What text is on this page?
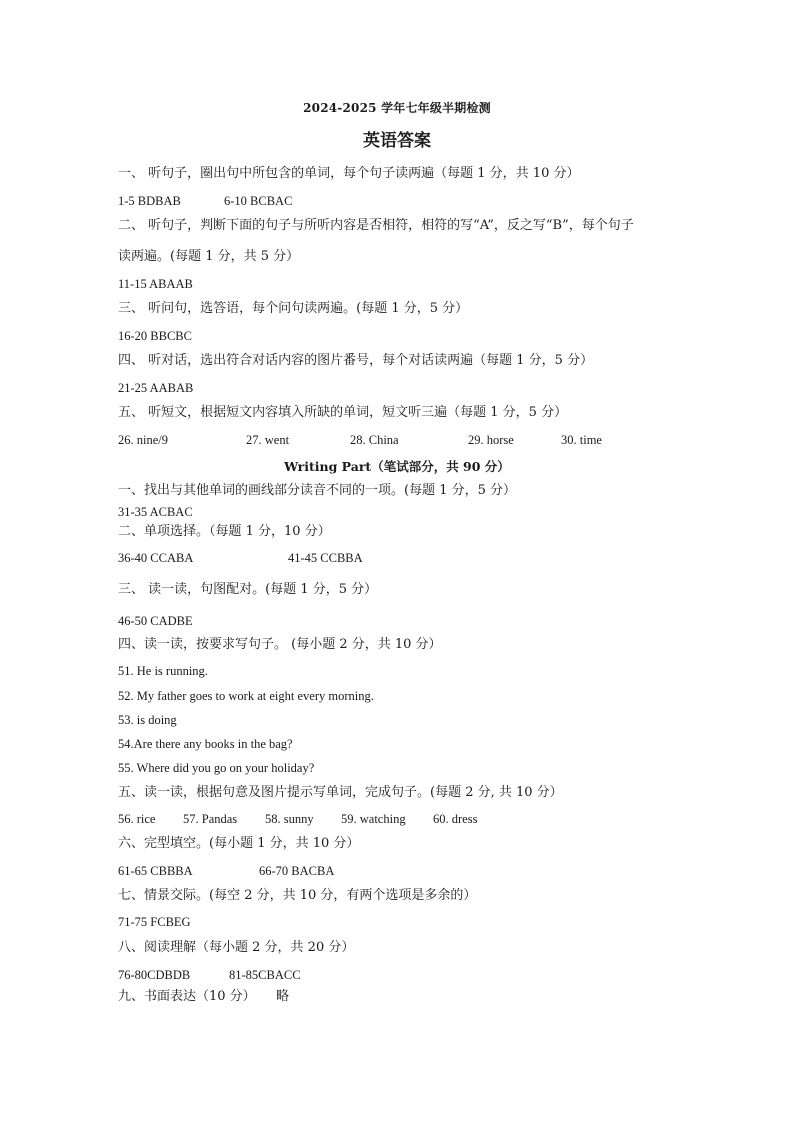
2024-2025 学年七年级半期检测
英语答案
一、 听句子，圈出句中所包含的单词，每个句子读两遍（每题 1 分，共 10 分）
1-5 BDBAB	6-10 BCBAC
二、 听句子，判断下面的句子与所听内容是否相符，相符的写“A”，反之写“B”，每个句子
读两遍。(每题 1 分，共 5 分）
11-15 ABAAB
三、 听问句，选答语，每个问句读两遍。(每题 1 分，5 分）
16-20 BBCBC
四、 听对话，选出符合对话内容的图片番号，每个对话读两遍（每题 1 分，5 分）
21-25 AABAB
五、 听短文，根据短文内容填入所缺的单词，短文听三遍（每题 1 分，5 分）
26. nine/9	27. went	28. China	29. horse	30. time
Writing Part（笔试部分，共 90 分）
一、找出与其他单词的画线部分读音不同的一项。(每题 1 分，5 分）
31-35 ACBAC
二、单项选择。（每题 1 分，10 分）
36-40 CCABA	41-45 CCBBA
三、 读一读，句图配对。(每题 1 分，5 分）
46-50 CADBE
四、读一读，按要求写句子。 (每小题 2 分，共 10 分）
51. He is running.
52. My father goes to work at eight every morning.
53. is doing
54.Are there any books in the bag?
55. Where did you go on your holiday?
五、读一读，根据句意及图片提示写单词，完成句子。(每题 2 分, 共 10 分）
56. rice 57. Pandas 58. sunny 59. watching 60. dress
六、完型填空。(每小题 1 分，共 10 分）
61-65 CBBBA	66-70 BACBA
七、情景交际。(每空 2 分，共 10 分，有两个选项是多余的）
71-75 FCBEG
八、阅读理解（每小题 2 分，共 20 分）
76-80CDBDB	81-85CBACC
九、书面表达（10 分） 略
